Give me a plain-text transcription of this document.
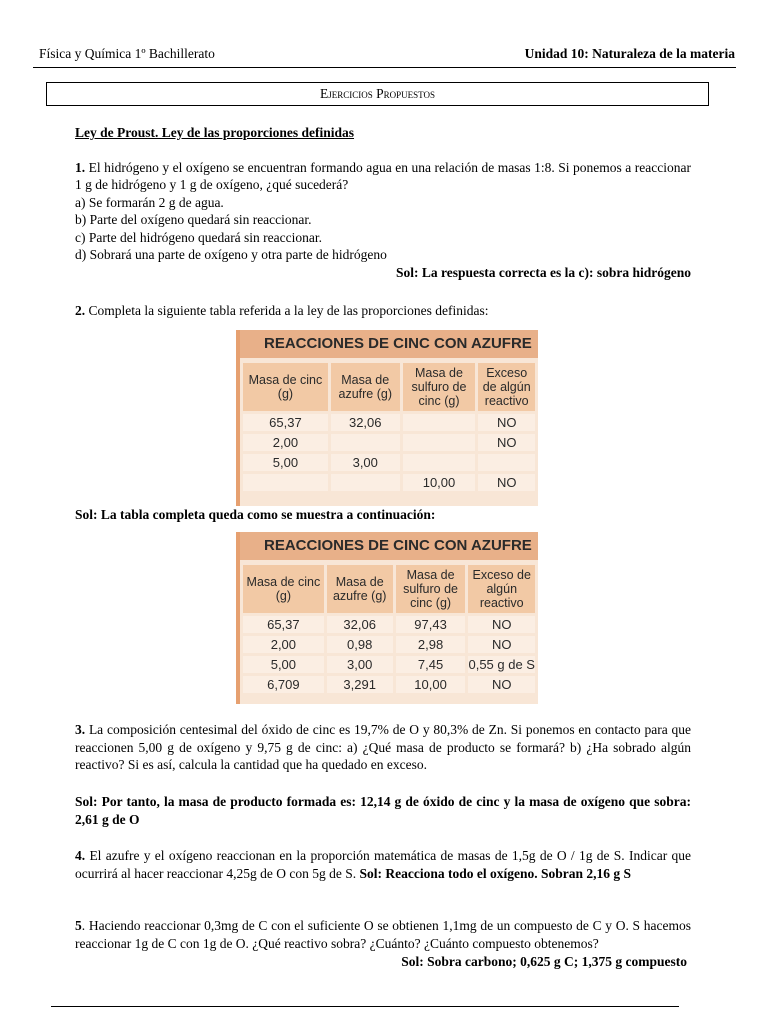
Física y Química 1º Bachillerato	Unidad 10: Naturaleza de la materia
Ejercicios Propuestos
Ley de Proust. Ley de las proporciones definidas
1. El hidrógeno y el oxígeno se encuentran formando agua en una relación de masas 1:8. Si ponemos a reaccionar 1 g de hidrógeno y 1 g de oxígeno, ¿qué sucederá?
a) Se formarán 2 g de agua.
b) Parte del oxígeno quedará sin reaccionar.
c) Parte del hidrógeno quedará sin reaccionar.
d) Sobrará una parte de oxígeno y otra parte de hidrógeno
Sol: La respuesta correcta es la c): sobra hidrógeno
2. Completa la siguiente tabla referida a la ley de las proporciones definidas:
REACCIONES DE CINC CON AZUFRE
Masa de cinc (g)	Masa de azufre (g)	Masa de sulfuro de cinc (g)	Exceso de algún reactivo
65,37	32,06		NO
2,00			NO
5,00	3,00		
		10,00	NO
Sol: La tabla completa queda como se muestra a continuación:
REACCIONES DE CINC CON AZUFRE
Masa de cinc (g)	Masa de azufre (g)	Masa de sulfuro de cinc (g)	Exceso de algún reactivo
65,37	32,06	97,43	NO
2,00	0,98	2,98	NO
5,00	3,00	7,45	0,55 g de S
6,709	3,291	10,00	NO
3. La composición centesimal del óxido de cinc es 19,7% de O y 80,3% de Zn. Si ponemos en contacto para que reaccionen 5,00 g de oxígeno y 9,75 g de cinc: a) ¿Qué masa de producto se formará? b) ¿Ha sobrado algún reactivo? Si es así, calcula la cantidad que ha quedado en exceso.
Sol: Por tanto, la masa de producto formada es: 12,14 g de óxido de cinc y la masa de oxígeno que sobra: 2,61 g de O
4. El azufre y el oxígeno reaccionan en la proporción matemática de masas de 1,5g de O / 1g de S. Indicar que ocurrirá al hacer reaccionar 4,25g de O con 5g de S. Sol: Reacciona todo el oxígeno. Sobran 2,16 g S
5. Haciendo reaccionar 0,3mg de C con el suficiente O se obtienen 1,1mg de un compuesto de C y O. S hacemos reaccionar 1g de C con 1g de O. ¿Qué reactivo sobra? ¿Cuánto? ¿Cuánto compuesto obtenemos?
Sol: Sobra carbono; 0,625 g C; 1,375 g compuesto
